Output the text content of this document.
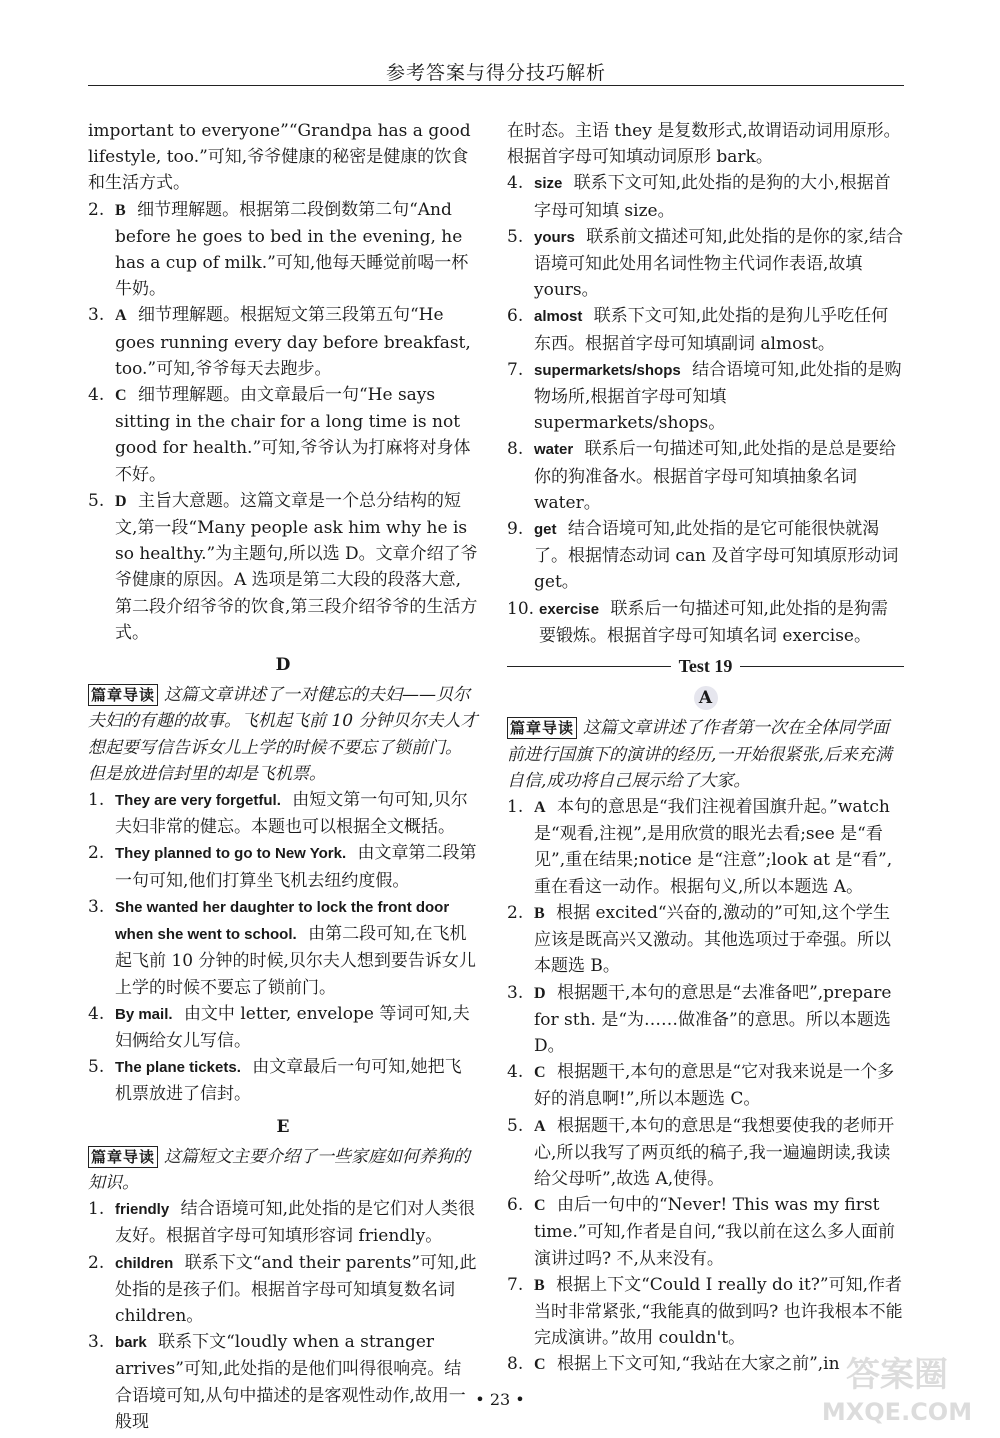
参考答案与得分技巧解析

important to everyone”“Grandpa has a good lifestyle, too.”可知,爷爷健康的秘密是健康的饮食和生活方式。

2. B 细节理解题。根据第二段倒数第二句“And before he goes to bed in the evening, he has a cup of milk.”可知,他每天睡觉前喝一杯牛奶。
3. A 细节理解题。根据短文第三段第五句“He goes running every day before breakfast, too.”可知,爷爷每天去跑步。
4. C 细节理解题。由文章最后一句“He says sitting in the chair for a long time is not good for health.”可知,爷爷认为打麻将对身体不好。
5. D 主旨大意题。这篇文章是一个总分结构的短文,第一段“Many people ask him why he is so healthy.”为主题句,所以选 D。文章介绍了爷爷健康的原因。A 选项是第二大段的段落大意,第二段介绍爷爷的饮食,第三段介绍爷爷的生活方式。
D

篇章导读 这篇文章讲述了一对健忘的夫妇——贝尔夫妇的有趣的故事。飞机起飞前 10 分钟贝尔夫人才想起要写信告诉女儿上学的时候不要忘了锁前门。但是放进信封里的却是飞机票。

1. They are very forgetful. 由短文第一句可知,贝尔夫妇非常的健忘。本题也可以根据全文概括。
2. They planned to go to New York. 由文章第二段第一句可知,他们打算坐飞机去纽约度假。
3. She wanted her daughter to lock the front door when she went to school. 由第二段可知,在飞机起飞前 10 分钟的时候,贝尔夫人想到要告诉女儿上学的时候不要忘了锁前门。
4. By mail. 由文中 letter, envelope 等词可知,夫妇俩给女儿写信。
5. The plane tickets. 由文章最后一句可知,她把飞机票放进了信封。
E

篇章导读 这篇短文主要介绍了一些家庭如何养狗的知识。

1. friendly 结合语境可知,此处指的是它们对人类很友好。根据首字母可知填形容词 friendly。
2. children 联系下文“and their parents”可知,此处指的是孩子们。根据首字母可知填复数名词 children。
3. bark 联系下文“loudly when a stranger arrives”可知,此处指的是他们叫得很响亮。结合语境可知,从句中描述的是客观性动作,故用一般现

在时态。主语 they 是复数形式,故谓语动词用原形。根据首字母可知填动词原形 bark。

4. size 联系下文可知,此处指的是狗的大小,根据首字母可知填 size。
5. yours 联系前文描述可知,此处指的是你的家,结合语境可知此处用名词性物主代词作表语,故填 yours。
6. almost 联系下文可知,此处指的是狗儿乎吃任何东西。根据首字母可知填副词 almost。
7. supermarkets/shops 结合语境可知,此处指的是购物场所,根据首字母可知填 supermarkets/shops。
8. water 联系后一句描述可知,此处指的是总是要给你的狗准备水。根据首字母可知填抽象名词 water。
9. get 结合语境可知,此处指的是它可能很快就渴了。根据情态动词 can 及首字母可知填原形动词 get。
10. exercise 联系后一句描述可知,此处指的是狗需要锻炼。根据首字母可知填名词 exercise。
Test 19
A

篇章导读 这篇文章讲述了作者第一次在全体同学面前进行国旗下的演讲的经历,一开始很紧张,后来充满自信,成功将自己展示给了大家。

1. A 本句的意思是“我们注视着国旗升起。”watch 是“观看,注视”,是用欣赏的眼光去看;see 是“看见”,重在结果;notice 是“注意”;look at 是“看”,重在看这一动作。根据句义,所以本题选 A。
2. B 根据 excited“兴奋的,激动的”可知,这个学生应该是既高兴又激动。其他选项过于牵强。所以本题选 B。
3. D 根据题干,本句的意思是“去准备吧”,prepare for sth. 是“为……做准备”的意思。所以本题选 D。
4. C 根据题干,本句的意思是“它对我来说是一个多好的消息啊!”,所以本题选 C。
5. A 根据题干,本句的意思是“我想要使我的老师开心,所以我写了两页纸的稿子,我一遍遍朗读,我读给父母听”,故选 A,使得。
6. C 由后一句中的“Never! This was my first time.”可知,作者是自问,“我以前在这么多人面前演讲过吗? 不,从来没有。
7. B 根据上下文“Could I really do it?”可知,作者当时非常紧张,“我能真的做到吗? 也许我根本不能完成演讲。”故用 couldn't。
8. C 根据上下文可知,“我站在大家之前”,in
• 23 •
答案圈
MXQE.COM
